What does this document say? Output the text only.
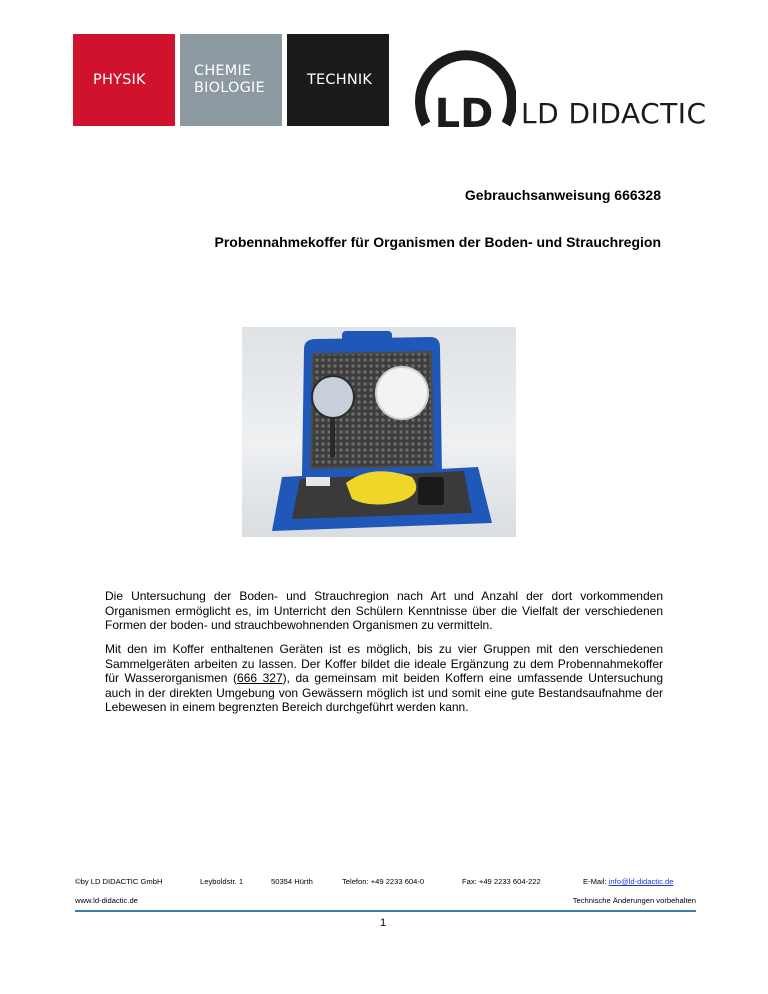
PHYSIK
CHEMIE
BIOLOGIE
TECHNIK
LD LD DIDACTIC
Gebrauchsanweisung 666328
Probennahmekoffer für Organismen der Boden- und Strauchregion
Die Untersuchung der Boden- und Strauchregion nach Art und Anzahl der dort vorkommenden Organismen ermöglicht es, im Unterricht den Schülern Kenntnisse über die Vielfalt der verschiedenen Formen der boden- und strauchbewohnenden Organismen zu vermitteln.
Mit den im Koffer enthaltenen Geräten ist es möglich, bis zu vier Gruppen mit den verschiedenen Sammelgeräten arbeiten zu lassen. Der Koffer bildet die ideale Ergänzung zu dem Probennahmekoffer für Wasserorganismen (666 327), da gemeinsam mit beiden Koffern eine umfassende Untersuchung auch in der direkten Umgebung von Gewässern möglich ist und somit eine gute Bestandsaufnahme der Lebewesen in einem begrenzten Bereich durchgeführt werden kann.
©by LD DIDACTIC GmbH	Leyboldstr. 1	50354 Hürth	Telefon: +49 2233 604-0	Fax: +49 2233 604-222	E-Mail: info@ld-didactic.de
www.ld-didactic.de	Technische Änderungen vorbehalten
1
